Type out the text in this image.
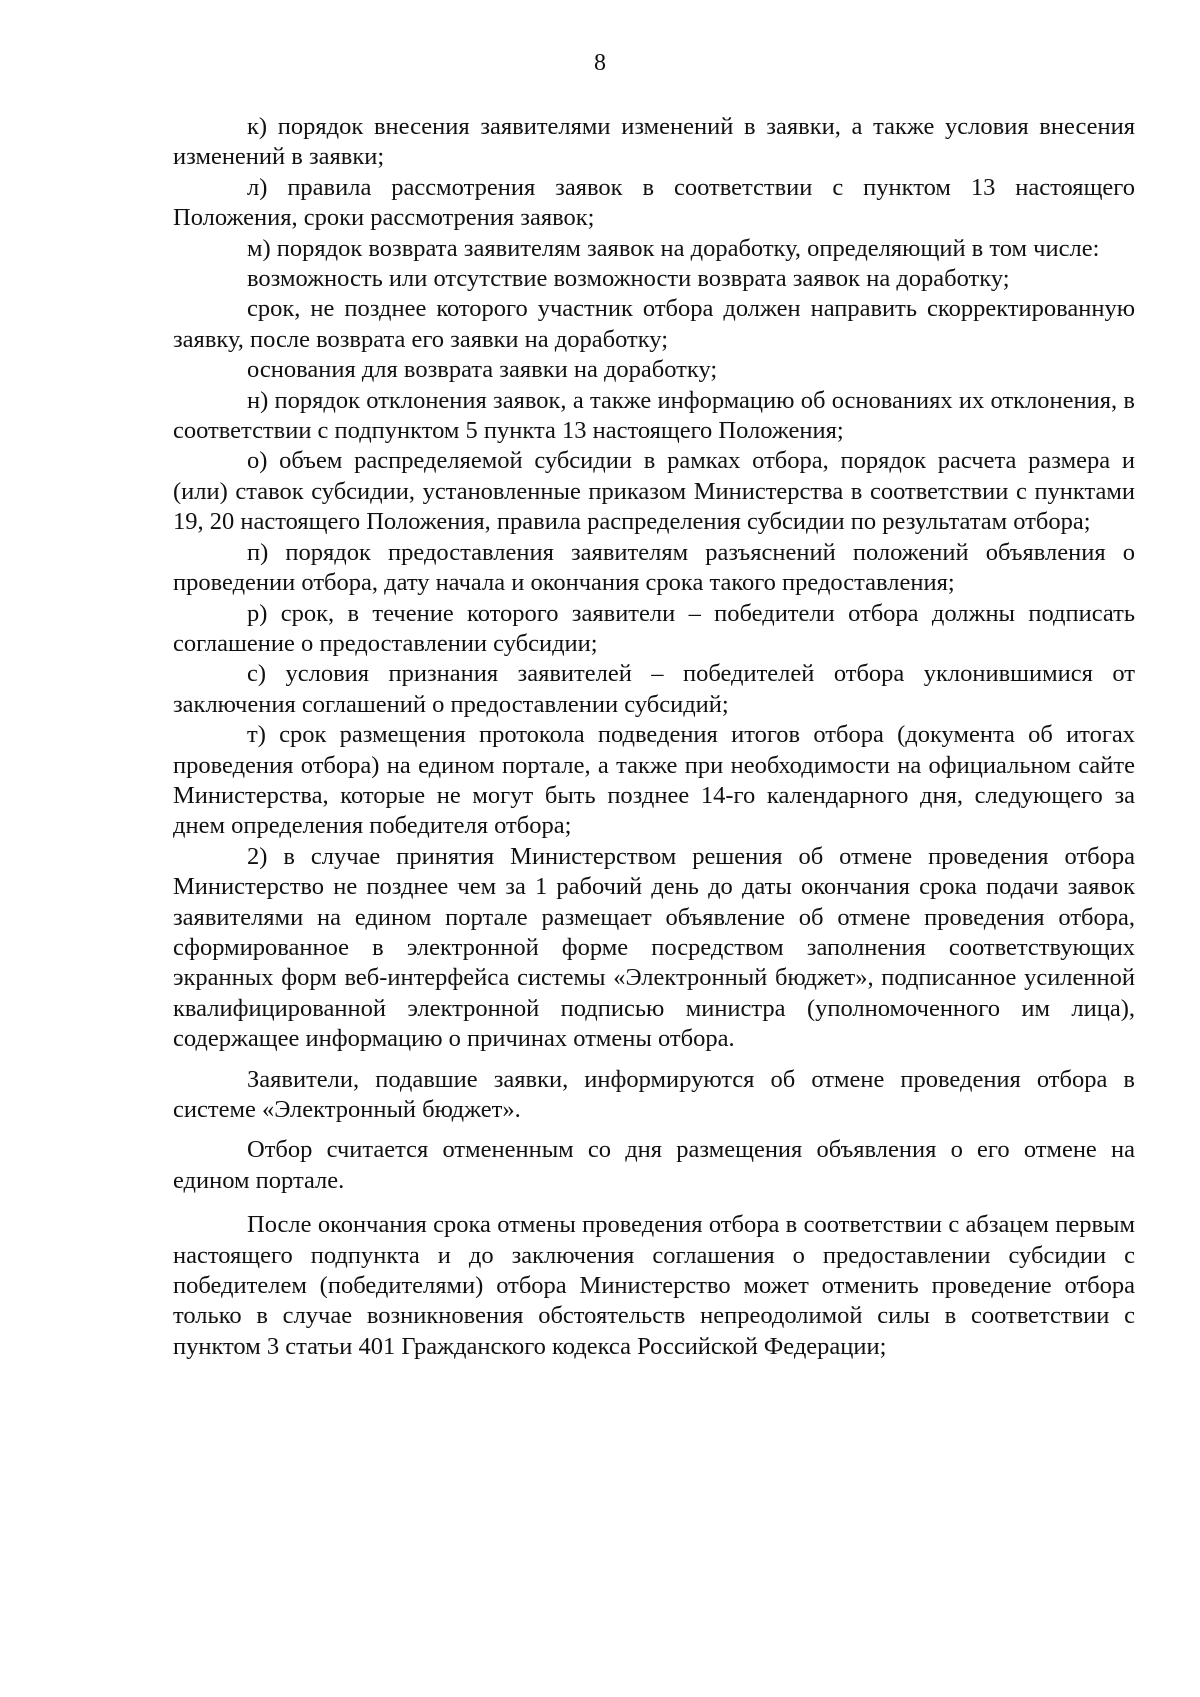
8

к) порядок внесения заявителями изменений в заявки, а также условия внесения изменений в заявки;

л) правила рассмотрения заявок в соответствии с пунктом 13 настоящего Положения, сроки рассмотрения заявок;

м) порядок возврата заявителям заявок на доработку, определяющий в том числе:

возможность или отсутствие возможности возврата заявок на доработку;

срок, не позднее которого участник отбора должен направить скорректированную заявку, после возврата его заявки на доработку;

основания для возврата заявки на доработку;

н) порядок отклонения заявок, а также информацию об основаниях их отклонения, в соответствии с подпунктом 5 пункта 13 настоящего Положения;

о) объем распределяемой субсидии в рамках отбора, порядок расчета размера и (или) ставок субсидии, установленные приказом Министерства в соответствии с пунктами 19, 20 настоящего Положения, правила распределения субсидии по результатам отбора;

п) порядок предоставления заявителям разъяснений положений объявления о проведении отбора, дату начала и окончания срока такого предоставления;

р) срок, в течение которого заявители – победители отбора должны подписать соглашение о предоставлении субсидии;

с) условия признания заявителей – победителей отбора уклонившимися от заключения соглашений о предоставлении субсидий;

т) срок размещения протокола подведения итогов отбора (документа об итогах проведения отбора) на едином портале, а также при необходимости на официальном сайте Министерства, которые не могут быть позднее 14-го календарного дня, следующего за днем определения победителя отбора;

2) в случае принятия Министерством решения об отмене проведения отбора Министерство не позднее чем за 1 рабочий день до даты окончания срока подачи заявок заявителями на едином портале размещает объявление об отмене проведения отбора, сформированное в электронной форме посредством заполнения соответствующих экранных форм веб-интерфейса системы «Электронный бюджет», подписанное усиленной квалифицированной электронной подписью министра (уполномоченного им лица), содержащее информацию о причинах отмены отбора.

Заявители, подавшие заявки, информируются об отмене проведения отбора в системе «Электронный бюджет».

Отбор считается отмененным со дня размещения объявления о его отмене на едином портале.

После окончания срока отмены проведения отбора в соответствии с абзацем первым настоящего подпункта и до заключения соглашения о предоставлении субсидии с победителем (победителями) отбора Министерство может отменить проведение отбора только в случае возникновения обстоятельств непреодолимой силы в соответствии с пунктом 3 статьи 401 Гражданского кодекса Российской Федерации;
